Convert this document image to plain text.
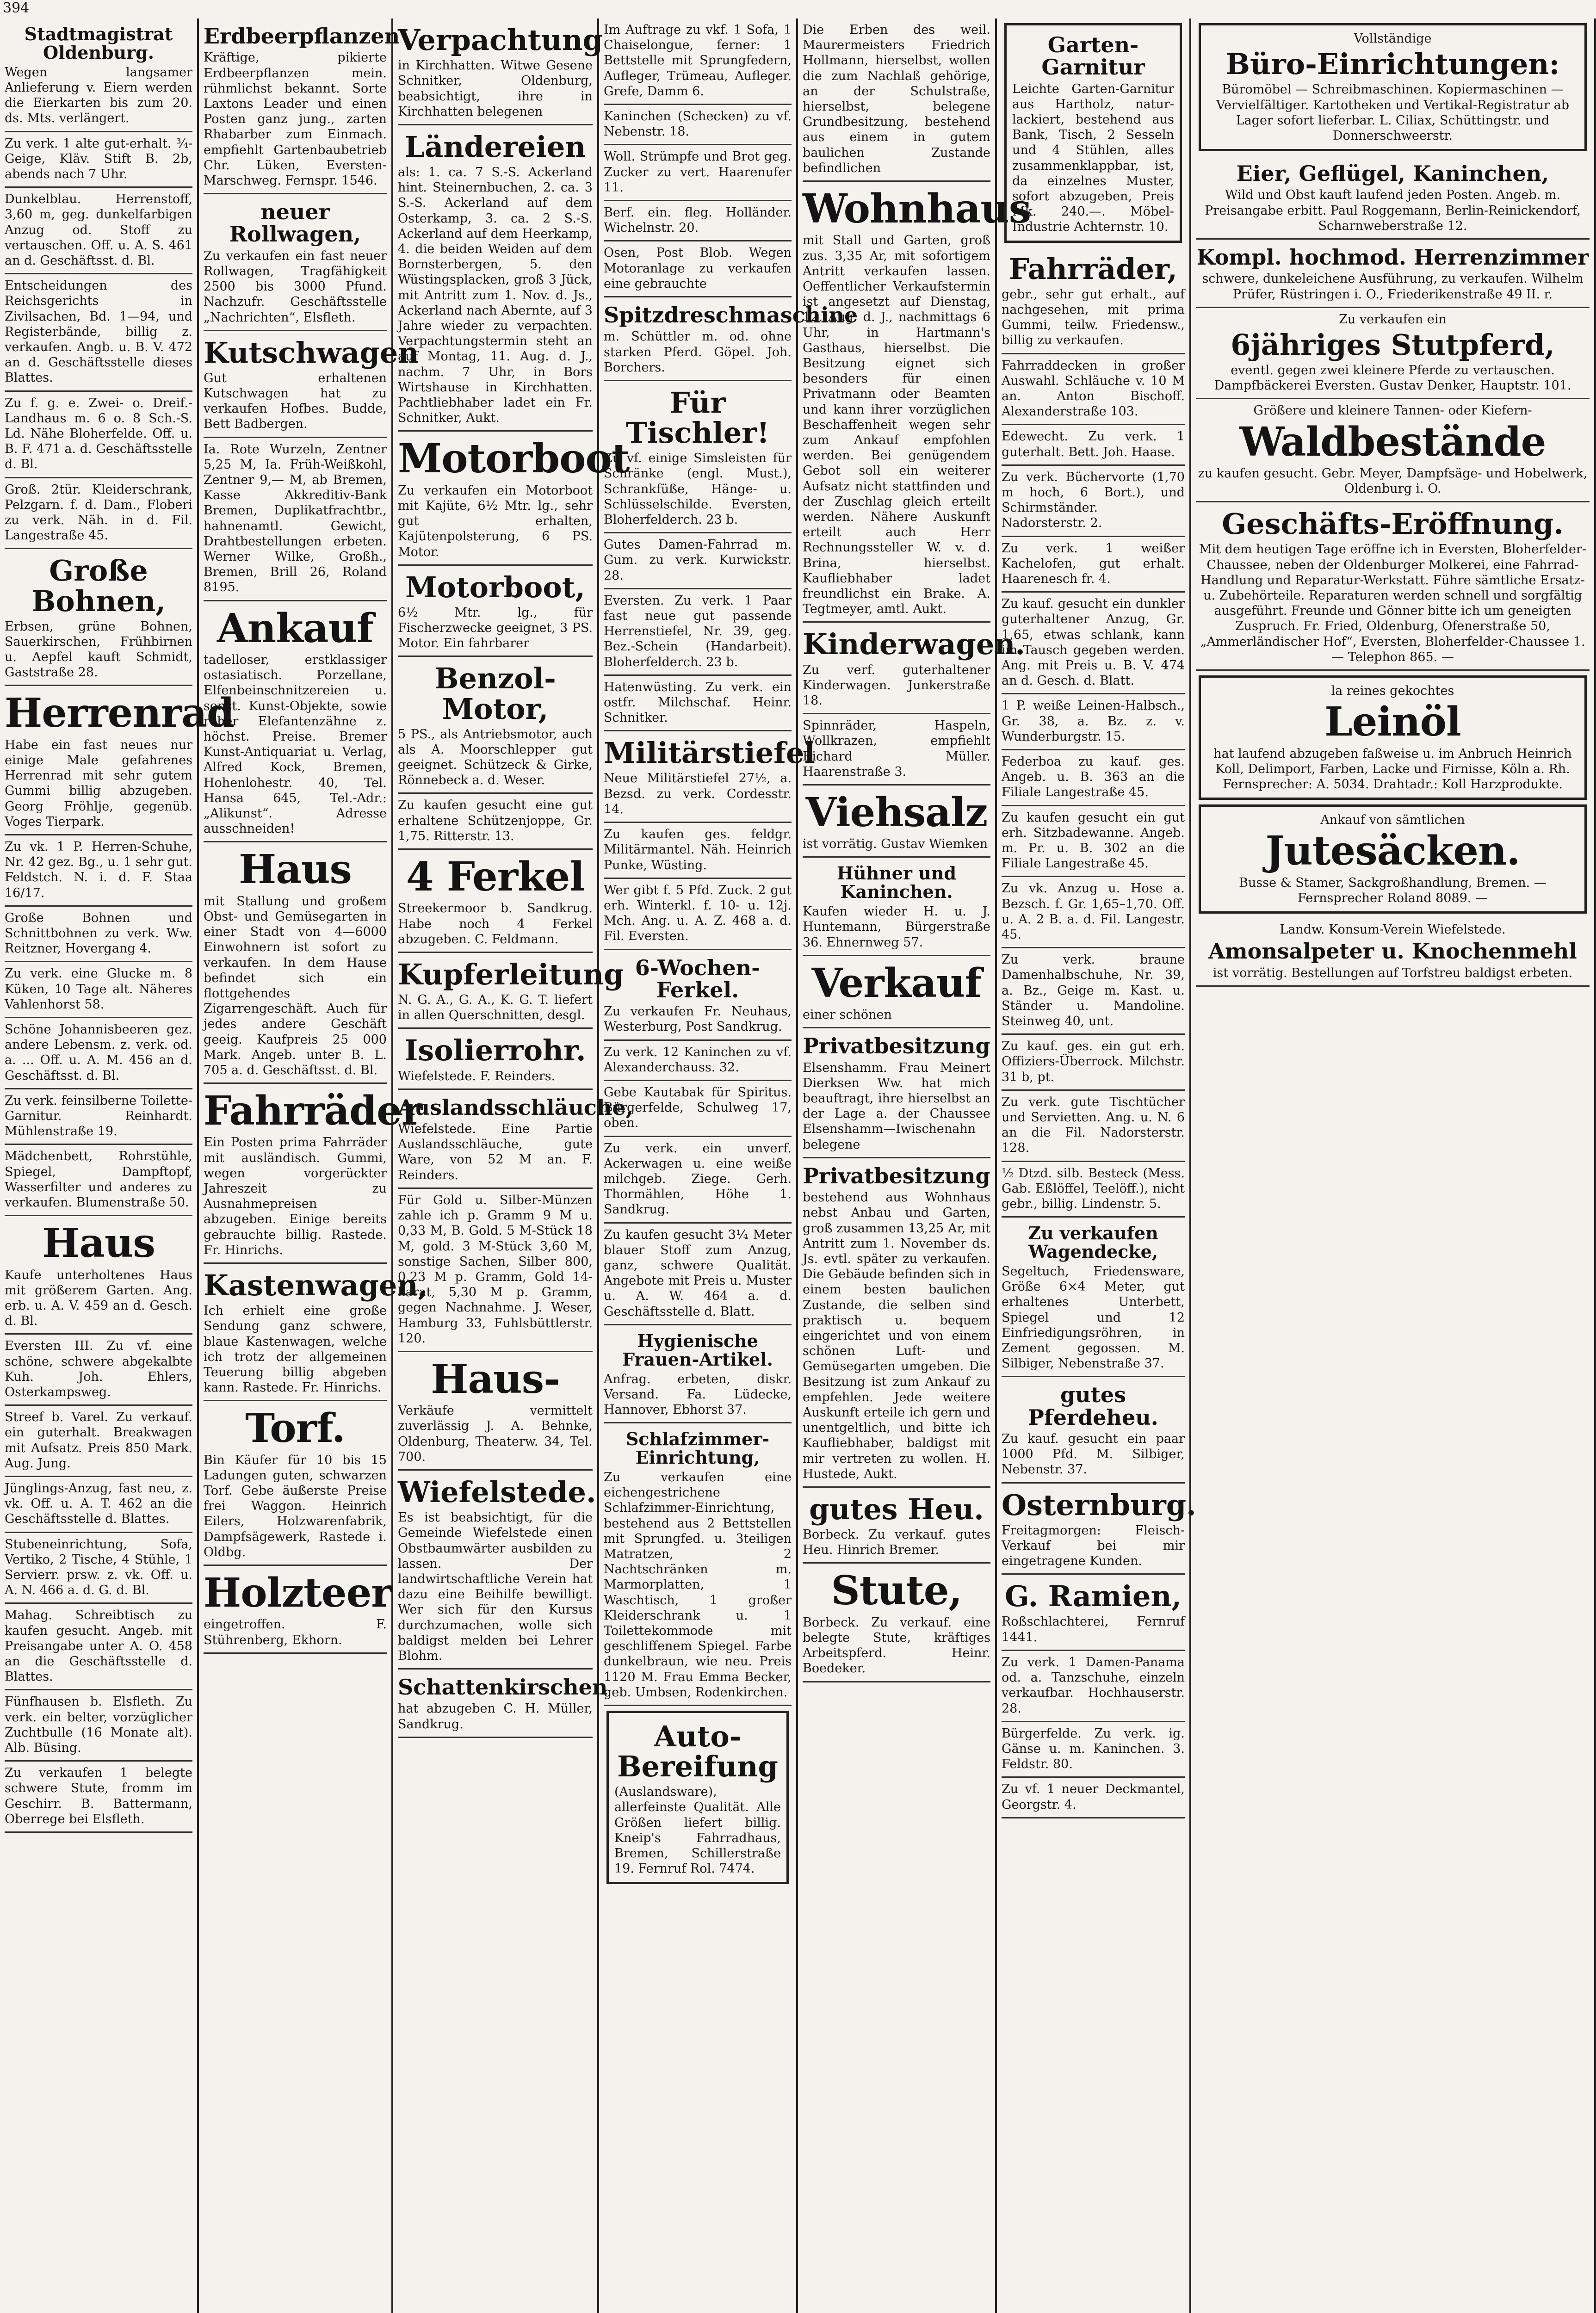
394
Stadtmagistrat Oldenburg.
Wegen langsamer Anlieferung v. Eiern werden die Eierkarten bis zum 20. ds. Mts. verlängert.
Zu verk. 1 alte gut-erhalt. ¾-Geige, Kläv. Stift B. 2b, abends nach 7 Uhr.
Dunkelblau. Herrenstoff, 3,60 m, geg. dunkelfarbigen Anzug od. Stoff zu vertauschen. Off. u. A. S. 461 an d. Geschäftsst. d. Bl.
Entscheidungen des Reichsgerichts in Zivilsachen, Bd. 1—94, und Registerbände, billig z. verkaufen. Angb. u. B. V. 472 an d. Geschäftsstelle dieses Blattes.
Zu f. g. e. Zwei- o. Dreif.-Landhaus m. 6 o. 8 Sch.-S. Ld. Nähe Bloherfelde. Off. u. B. F. 471 a. d. Geschäftsstelle d. Bl.
Groß. 2tür. Kleiderschrank, Pelzgarn. f. d. Dam., Floberi zu verk. Näh. in d. Fil. Langestraße 45.
Große Bohnen,
Erbsen, grüne Bohnen, Sauerkirschen, Frühbirnen u. Aepfel kauft Schmidt, Gaststraße 28.
Herrenrad
Habe ein fast neues nur einige Male gefahrenes Herrenrad mit sehr gutem Gummi billig abzugeben. Georg Fröhlje, gegenüb. Voges Tierpark.
Zu vk. 1 P. Herren-Schuhe, Nr. 42 gez. Bg., u. 1 sehr gut. Feldstch. N. i. d. F. Staa 16/17.
Große Bohnen und Schnittbohnen zu verk. Ww. Reitzner, Hovergang 4.
Zu verk. eine Glucke m. 8 Küken, 10 Tage alt. Näheres Vahlenhorst 58.
Schöne Johannisbeeren gez. andere Lebensm. z. verk. od. a. ... Off. u. A. M. 456 an d. Geschäftsst. d. Bl.
Zu verk. feinsilberne Toilette-Garnitur. Reinhardt. Mühlenstraße 19.
Mädchenbett, Rohrstühle, Spiegel, Dampftopf, Wasserfilter und anderes zu verkaufen. Blumenstraße 50.
Haus
Kaufe unterholtenes Haus mit größerem Garten. Ang. erb. u. A. V. 459 an d. Gesch. d. Bl.
Eversten III. Zu vf. eine schöne, schwere abgekalbte Kuh. Joh. Ehlers, Osterkampsweg.
Streef b. Varel. Zu verkauf. ein guterhalt. Breakwagen mit Aufsatz. Preis 850 Mark. Aug. Jung.
Jünglings-Anzug, fast neu, z. vk. Off. u. A. T. 462 an die Geschäftsstelle d. Blattes.
Stubeneinrichtung, Sofa, Vertiko, 2 Tische, 4 Stühle, 1 Servierr. prsw. z. vk. Off. u. A. N. 466 a. d. G. d. Bl.
Mahag. Schreibtisch zu kaufen gesucht. Angeb. mit Preisangabe unter A. O. 458 an die Geschäftsstelle d. Blattes.
Fünfhausen b. Elsfleth. Zu verk. ein belter, vorzüglicher Zuchtbulle (16 Monate alt). Alb. Büsing.
Zu verkaufen 1 belegte schwere Stute, fromm im Geschirr. B. Battermann, Oberrege bei Elsfleth.
Erdbeerpflanzen
Kräftige, pikierte Erdbeerpflanzen mein. rühmlichst bekannt. Sorte Laxtons Leader und einen Posten ganz jung., zarten Rhabarber zum Einmach. empfiehlt Gartenbaubetrieb Chr. Lüken, Eversten-Marschweg. Fernspr. 1546.
neuer Rollwagen,
Zu verkaufen ein fast neuer Rollwagen, Tragfähigkeit 2500 bis 3000 Pfund. Nachzufr. Geschäftsstelle „Nachrichten“, Elsfleth.
Kutschwagen
Gut erhaltenen Kutschwagen hat zu verkaufen Hofbes. Budde, Bett Badbergen.
Ia. Rote Wurzeln, Zentner 5,25 M, Ia. Früh-Weißkohl, Zentner 9,— M, ab Bremen, Kasse Akkreditiv-Bank Bremen, Duplikatfrachtbr., hahnenamtl. Gewicht, Drahtbestellungen erbeten. Werner Wilke, Großh., Bremen, Brill 26, Roland 8195.
Ankauf
tadelloser, erstklassiger ostasiatisch. Porzellane, Elfenbeinschnitzereien u. sonst. Kunst-Objekte, sowie roher Elefantenzähne z. höchst. Preise. Bremer Kunst-Antiquariat u. Verlag, Alfred Kock, Bremen, Hohenlohestr. 40, Tel. Hansa 645, Tel.-Adr.: „Alikunst“. Adresse ausschneiden!
Haus
mit Stallung und großem Obst- und Gemüsegarten in einer Stadt von 4—6000 Einwohnern ist sofort zu verkaufen. In dem Hause befindet sich ein flottgehendes Zigarrengeschäft. Auch für jedes andere Geschäft geeig. Kaufpreis 25 000 Mark. Angeb. unter B. L. 705 a. d. Geschäftsst. d. Bl.
Fahrräder
Ein Posten prima Fahrräder mit ausländisch. Gummi, wegen vorgerückter Jahreszeit zu Ausnahmepreisen abzugeben. Einige bereits gebrauchte billig. Rastede. Fr. Hinrichs.
Kastenwagen,
Ich erhielt eine große Sendung ganz schwere, blaue Kastenwagen, welche ich trotz der allgemeinen Teuerung billig abgeben kann. Rastede. Fr. Hinrichs.
Torf.
Bin Käufer für 10 bis 15 Ladungen guten, schwarzen Torf. Gebe äußerste Preise frei Waggon. Heinrich Eilers, Holzwarenfabrik, Dampfsägewerk, Rastede i. Oldbg.
Holzteer
eingetroffen. F. Stührenberg, Ekhorn.
Verpachtung
in Kirchhatten. Witwe Gesene Schnitker, Oldenburg, beabsichtigt, ihre in Kirchhatten belegenen
Ländereien
als: 1. ca. 7 S.-S. Ackerland hint. Steinernbuchen, 2. ca. 3 S.-S. Ackerland auf dem Osterkamp, 3. ca. 2 S.-S. Ackerland auf dem Heerkamp, 4. die beiden Weiden auf dem Bornsterbergen, 5. den Wüstingsplacken, groß 3 Jück, mit Antritt zum 1. Nov. d. Js., Ackerland nach Aberntе, auf 3 Jahre wieder zu verpachten. Verpachtungstermin steht an auf Montag, 11. Aug. d. J., nachm. 7 Uhr, in Bors Wirtshause in Kirchhatten. Pachtliebhaber ladet ein Fr. Schnitker, Aukt.
Motorboot
Zu verkaufen ein Motorboot mit Kajüte, 6½ Mtr. lg., sehr gut erhalten, Kajütenpolsterung, 6 PS. Motor.
Motorboot,
6½ Mtr. lg., für Fischerzwecke geeignet, 3 PS. Motor. Ein fahrbarer
Benzol-Motor,
5 PS., als Antriebsmotor, auch als A. Moorschlepper gut geeignet. Schützeck & Girke, Rönnebeck a. d. Weser.
Zu kaufen gesucht eine gut erhaltene Schützenjoppe, Gr. 1,75. Ritterstr. 13.
4 Ferkel
Streekermoor b. Sandkrug. Habe noch 4 Ferkel abzugeben. C. Feldmann.
Kupferleitung
N. G. A., G. A., K. G. T. liefert in allen Querschnitten, desgl.
Isolierrohr.
Wiefelstede. F. Reinders.
Auslandsschläuche,
Wiefelstede. Eine Partie Auslandsschläuche, gute Ware, von 52 M an. F. Reinders.
Für Gold u. Silber-Münzen zahle ich p. Gramm 9 M u. 0,33 M, B. Gold. 5 M-Stück 18 M, gold. 3 M-Stück 3,60 M, sonstige Sachen, Silber 800, 0,23 M p. Gramm, Gold 14-karat, 5,30 M p. Gramm, gegen Nachnahme. J. Weser, Hamburg 33, Fuhlsbüttlerstr. 120.
Haus-
Verkäufe vermittelt zuverlässig J. A. Behnke, Oldenburg, Theaterw. 34, Tel. 700.
Wiefelstede.
Es ist beabsichtigt, für die Gemeinde Wiefelstede einen Obstbaumwärter ausbilden zu lassen. Der landwirtschaftliche Verein hat dazu eine Beihilfe bewilligt. Wer sich für den Kursus durchzumachen, wolle sich baldigst melden bei Lehrer Blohm.
Schattenkirschen
hat abzugeben C. H. Müller, Sandkrug.
Im Auftrage zu vkf. 1 Sofa, 1 Chaiselongue, ferner: 1 Bettstelle mit Sprungfedern, Aufleger, Trümeau, Aufleger. Grefe, Damm 6.
Kaninchen (Schecken) zu vf. Nebenstr. 18.
Woll. Strümpfe und Brot geg. Zucker zu vert. Haarenufer 11.
Berf. ein. fleg. Holländer. Wichelnstr. 20.
Osen, Post Blob. Wegen Motoranlage zu verkaufen eine gebrauchte
Spitzdreschmaschine
m. Schüttler m. od. ohne starken Pferd. Göpel. Joh. Borchers.
Für Tischler!
Zu vf. einige Simsleisten für Schränke (engl. Must.), Schrankfüße, Hänge- u. Schlüsselschilde. Eversten, Bloherfelderch. 23 b.
Gutes Damen-Fahrrad m. Gum. zu verk. Kurwickstr. 28.
Eversten. Zu verk. 1 Paar fast neue gut passende Herrenstiefel, Nr. 39, geg. Bez.-Schein (Handarbeit). Bloherfelderch. 23 b.
Hatenwüsting. Zu verk. ein ostfr. Milchschaf. Heinr. Schnitker.
Militärstiefel
Neue Militärstiefel 27½, a. Bezsd. zu verk. Cordesstr. 14.
Zu kaufen ges. feldgr. Militärmantel. Näh. Heinrich Punke, Wüsting.
Wer gibt f. 5 Pfd. Zuck. 2 gut erh. Winterkl. f. 10- u. 12j. Mch. Ang. u. A. Z. 468 a. d. Fil. Eversten.
6-Wochen-Ferkel.
Zu verkaufen Fr. Neuhaus, Westerburg, Post Sandkrug.
Zu verk. 12 Kaninchen zu vf. Alexanderchauss. 32.
Gebe Kautabak für Spiritus. Bürgerfelde, Schulweg 17, oben.
Zu verk. ein unverf. Ackerwagen u. eine weiße milchgeb. Ziege. Gerh. Thormählen, Höhe 1. Sandkrug.
Zu kaufen gesucht 3¼ Meter blauer Stoff zum Anzug, ganz, schwere Qualität. Angebote mit Preis u. Muster u. A. W. 464 a. d. Geschäftsstelle d. Blatt.
Hygienische Frauen-Artikel.
Anfrag. erbeten, diskr. Versand. Fa. Lüdecke, Hannover, Ebhorst 37.
Schlafzimmer-Einrichtung,
Zu verkaufen eine eichengestrichene Schlafzimmer-Einrichtung, bestehend aus 2 Bettstellen mit Sprungfed. u. 3teiligen Matratzen, 2 Nachtschränken m. Marmorplatten, 1 Waschtisch, 1 großer Kleiderschrank u. 1 Toilettekommode mit geschliffenem Spiegel. Farbe dunkelbraun, wie neu. Preis 1120 M. Frau Emma Becker, geb. Umbsen, Rodenkirchen.
Auto-Bereifung
(Auslandsware), allerfeinste Qualität. Alle Größen liefert billig. Kneip's Fahrradhaus, Bremen, Schillerstraße 19. Fernruf Rol. 7474.
Die Erben des weil. Maurermeisters Friedrich Hollmann, hierselbst, wollen die zum Nachlaß gehörige, an der Schulstraße, hierselbst, belegene Grundbesitzung, bestehend aus einem in gutem baulichen Zustande befindlichen
Wohnhaus
mit Stall und Garten, groß zus. 3,35 Ar, mit sofortigem Antritt verkaufen lassen. Oeffentlicher Verkaufstermin ist angesetzt auf Dienstag, 12. Aug. d. J., nachmittags 6 Uhr, in Hartmann's Gasthaus, hierselbst. Die Besitzung eignet sich besonders für einen Privatmann oder Beamten und kann ihrer vorzüglichen Beschaffenheit wegen sehr zum Ankauf empfohlen werden. Bei genügendem Gebot soll ein weiterer Aufsatz nicht stattfinden und der Zuschlag gleich erteilt werden. Nähere Auskunft erteilt auch Herr Rechnungssteller W. v. d. Brina, hierselbst. Kaufliebhaber ladet freundlichst ein Brake. A. Tegtmeyer, amtl. Aukt.
Kinderwagen.
Zu verf. guterhaltener Kinderwagen. Junkerstraße 18.
Spinnräder, Haspeln, Wollkrazen, empfiehlt Richard Müller. Haarenstraße 3.
Viehsalz
ist vorrätig. Gustav Wiemken
Hühner und Kaninchen.
Kaufen wieder H. u. J. Huntemann, Bürgerstraße 36. Ehnernweg 57.
Verkauf
einer schönen
Privatbesitzung
Elsenshamm. Frau Meinert Dierksen Ww. hat mich beauftragt, ihre hierselbst an der Lage a. der Chaussee Elsenshamm—Iwischenahn belegene
Privatbesitzung
bestehend aus Wohnhaus nebst Anbau und Garten, groß zusammen 13,25 Ar, mit Antritt zum 1. November ds. Js. evtl. später zu verkaufen. Die Gebäude befinden sich in einem besten baulichen Zustande, die selben sind praktisch u. bequem eingerichtet und von einem schönen Luft- und Gemüsegarten umgeben. Die Besitzung ist zum Ankauf zu empfehlen. Jede weitere Auskunft erteile ich gern und unentgeltlich, und bitte ich Kaufliebhaber, baldigst mit mir vertreten zu wollen. H. Hustede, Aukt.
gutes Heu.
Borbeck. Zu verkauf. gutes Heu. Hinrich Bremer.
Stute,
Borbeck. Zu verkauf. eine belegte Stute, kräftiges Arbeitspferd. Heinr. Boedeker.
Garten-Garnitur
Leichte Garten-Garnitur aus Hartholz, natur-lackiert, bestehend aus Bank, Tisch, 2 Sesseln und 4 Stühlen, alles zusammenklappbar, ist, da einzelnes Muster, sofort abzugeben, Preis Mk. 240.—. Möbel-Industrie Achternstr. 10.
Fahrräder,
gebr., sehr gut erhalt., auf nachgesehen, mit prima Gummi, teilw. Friedensw., billig zu verkaufen.
Fahrraddecken in großer Auswahl. Schläuche v. 10 M an. Anton Bischoff. Alexanderstraße 103.
Edewecht. Zu verk. 1 guterhalt. Bett. Joh. Haase.
Zu verk. Büchervorte (1,70 m hoch, 6 Bort.), und Schirmständer. Nadorsterstr. 2.
Zu verk. 1 weißer Kachelofen, gut erhalt. Haarenesch fr. 4.
Zu kauf. gesucht ein dunkler guterhaltener Anzug, Gr. 1,65, etwas schlank, kann im Tausch gegeben werden. Ang. mit Preis u. B. V. 474 an d. Gesch. d. Blatt.
1 P. weiße Leinen-Halbsch., Gr. 38, a. Bz. z. v. Wunderburgstr. 15.
Federboa zu kauf. ges. Angeb. u. B. 363 an die Filiale Langestraße 45.
Zu kaufen gesucht ein gut erh. Sitzbadewanne. Angeb. m. Pr. u. B. 302 an die Filiale Langestraße 45.
Zu vk. Anzug u. Hose a. Bezsch. f. Gr. 1,65–1,70. Off. u. A. 2 B. a. d. Fil. Langestr. 45.
Zu verk. braune Damenhalbschuhe, Nr. 39, a. Bz., Geige m. Kast. u. Ständer u. Mandoline. Steinweg 40, unt.
Zu kauf. ges. ein gut erh. Offiziers-Überrock. Milchstr. 31 b, pt.
Zu verk. gute Tischtücher und Servietten. Ang. u. N. 6 an die Fil. Nadorsterstr. 128.
½ Dtzd. silb. Besteck (Mess. Gab. Eßlöffel, Teelöff.), nicht gebr., billig. Lindenstr. 5.
Zu verkaufen Wagendecke,
Segeltuch, Friedensware, Größe 6×4 Meter, gut erhaltenes Unterbett, Spiegel und 12 Einfriedigungsröhren, in Zement gegossen. M. Silbiger, Nebenstraße 37.
gutes Pferdeheu.
Zu kauf. gesucht ein paar 1000 Pfd. M. Silbiger, Nebenstr. 37.
Osternburg.
Freitagmorgen: Fleisch-Verkauf bei mir eingetragene Kunden.
G. Ramien,
Roßschlachterei, Fernruf 1441.
Zu verk. 1 Damen-Panama od. a. Tanzschuhe, einzeln verkaufbar. Hochhauserstr. 28.
Bürgerfelde. Zu verk. ig. Gänse u. m. Kaninchen. 3. Feldstr. 80.
Zu vf. 1 neuer Deckmantel, Georgstr. 4.
Vollständige
Büro-Einrichtungen:
Büromöbel — Schreibmaschinen. Kopiermaschinen — Vervielfältiger. Kartotheken und Vertikal-Registratur ab Lager sofort lieferbar. L. Ciliax, Schüttingstr. und Donnerschweerstr.
Eier, Geflügel, Kaninchen,
Wild und Obst kauft laufend jeden Posten. Angeb. m. Preisangabe erbitt. Paul Roggemann, Berlin-Reinickendorf, Scharnweberstraße 12.
Kompl. hochmod. Herrenzimmer
schwere, dunkeleichene Ausführung, zu verkaufen. Wilhelm Prüfer, Rüstringen i. O., Friederikenstraße 49 II. r.
Zu verkaufen ein
6jähriges Stutpferd,
eventl. gegen zwei kleinere Pferde zu vertauschen. Dampfbäckerei Eversten. Gustav Denker, Hauptstr. 101.
Größere und kleinere Tannen- oder Kiefern-
Waldbestände
zu kaufen gesucht. Gebr. Meyer, Dampfsäge- und Hobelwerk, Oldenburg i. O.
Geschäfts-Eröffnung.
Mit dem heutigen Tage eröffne ich in Eversten, Bloherfelder-Chaussee, neben der Oldenburger Molkerei, eine Fahrrad-Handlung und Reparatur-Werkstatt. Führe sämtliche Ersatz- u. Zubehörteile. Reparaturen werden schnell und sorgfältig ausgeführt. Freunde und Gönner bitte ich um geneigten Zuspruch. Fr. Fried, Oldenburg, Ofenerstraße 50, „Ammerländischer Hof“, Eversten, Bloherfelder-Chaussee 1. — Telephon 865. —
la reines gekochtes
Leinöl
hat laufend abzugeben faßweise u. im Anbruch Heinrich Koll, Delimport, Farben, Lacke und Firnisse, Köln a. Rh. Fernsprecher: A. 5034. Drahtadr.: Koll Harzprodukte.
Ankauf von sämtlichen
Jutesäcken.
Busse & Stamer, Sackgroßhandlung, Bremen. — Fernsprecher Roland 8089. —
Landw. Konsum-Verein Wiefelstede.
Amonsalpeter u. Knochenmehl
ist vorrätig. Bestellungen auf Torfstreu baldigst erbeten.
